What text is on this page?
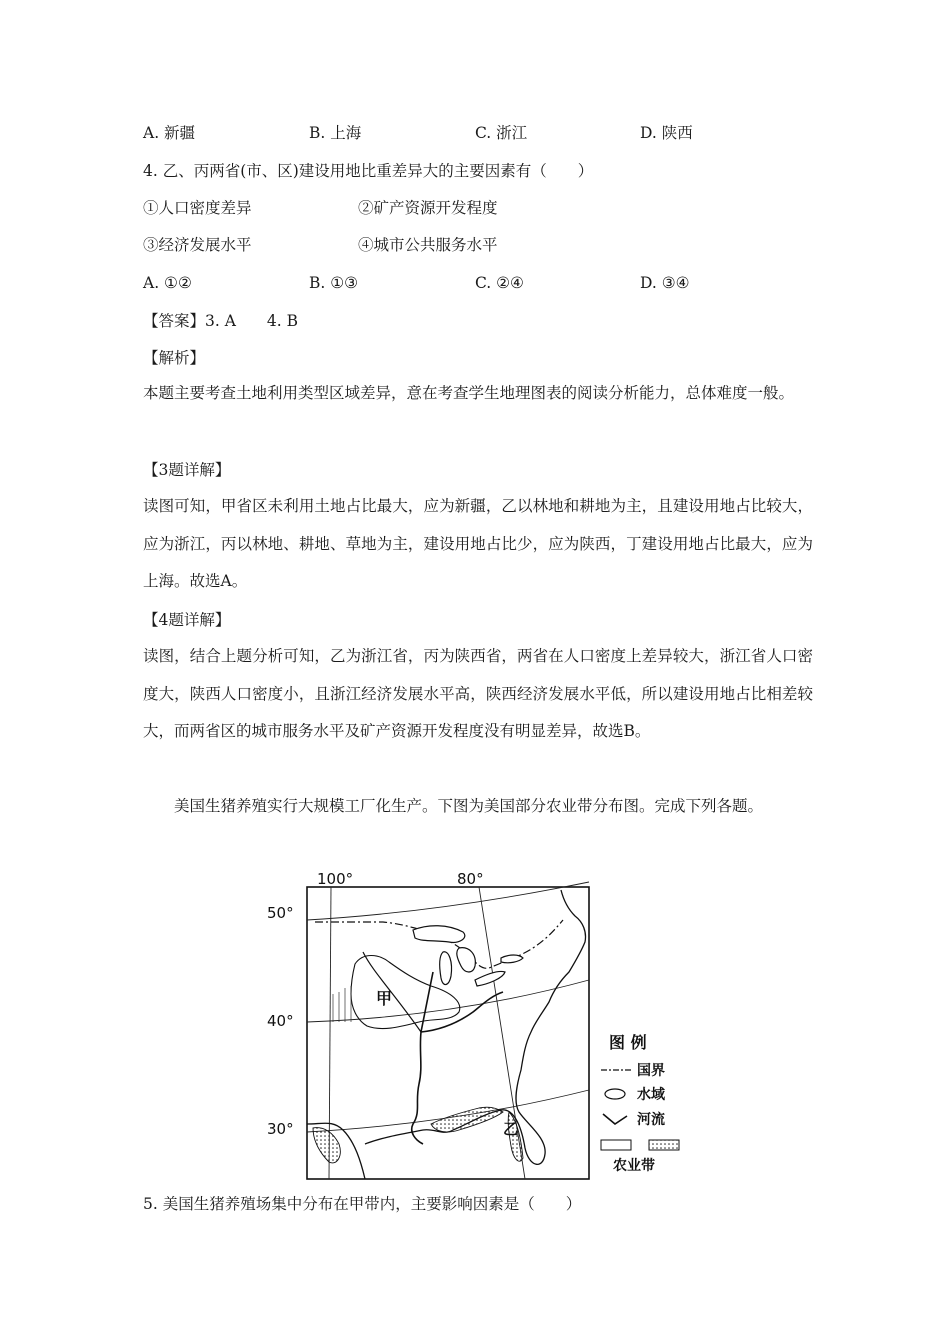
A. 新疆	B. 上海	C. 浙江	D. 陕西
4. 乙、丙两省(市、区)建设用地比重差异大的主要因素有（　　）
①人口密度差异	②矿产资源开发程度
③经济发展水平	④城市公共服务水平
A. ①②	B. ①③	C. ②④	D. ③④
【答案】3. A　　4. B
【解析】
本题主要考查土地利用类型区域差异，意在考查学生地理图表的阅读分析能力，总体难度一般。
【3题详解】
读图可知，甲省区未利用土地占比最大，应为新疆，乙以林地和耕地为主，且建设用地占比较大，应为浙江，丙以林地、耕地、草地为主，建设用地占比少，应为陕西，丁建设用地占比最大，应为上海。故选A。
【4题详解】
读图，结合上题分析可知，乙为浙江省，丙为陕西省，两省在人口密度上差异较大，浙江省人口密度大，陕西人口密度小，且浙江经济发展水平高，陕西经济发展水平低，所以建设用地占比相差较大，而两省区的城市服务水平及矿产资源开发程度没有明显差异，故选B。
美国生猪养殖实行大规模工厂化生产。下图为美国部分农业带分布图。完成下列各题。
100°	80°
50°
40°
30°
甲
乙
图 例
国界
水域
河流
农业带
5. 美国生猪养殖场集中分布在甲带内，主要影响因素是（　　）
